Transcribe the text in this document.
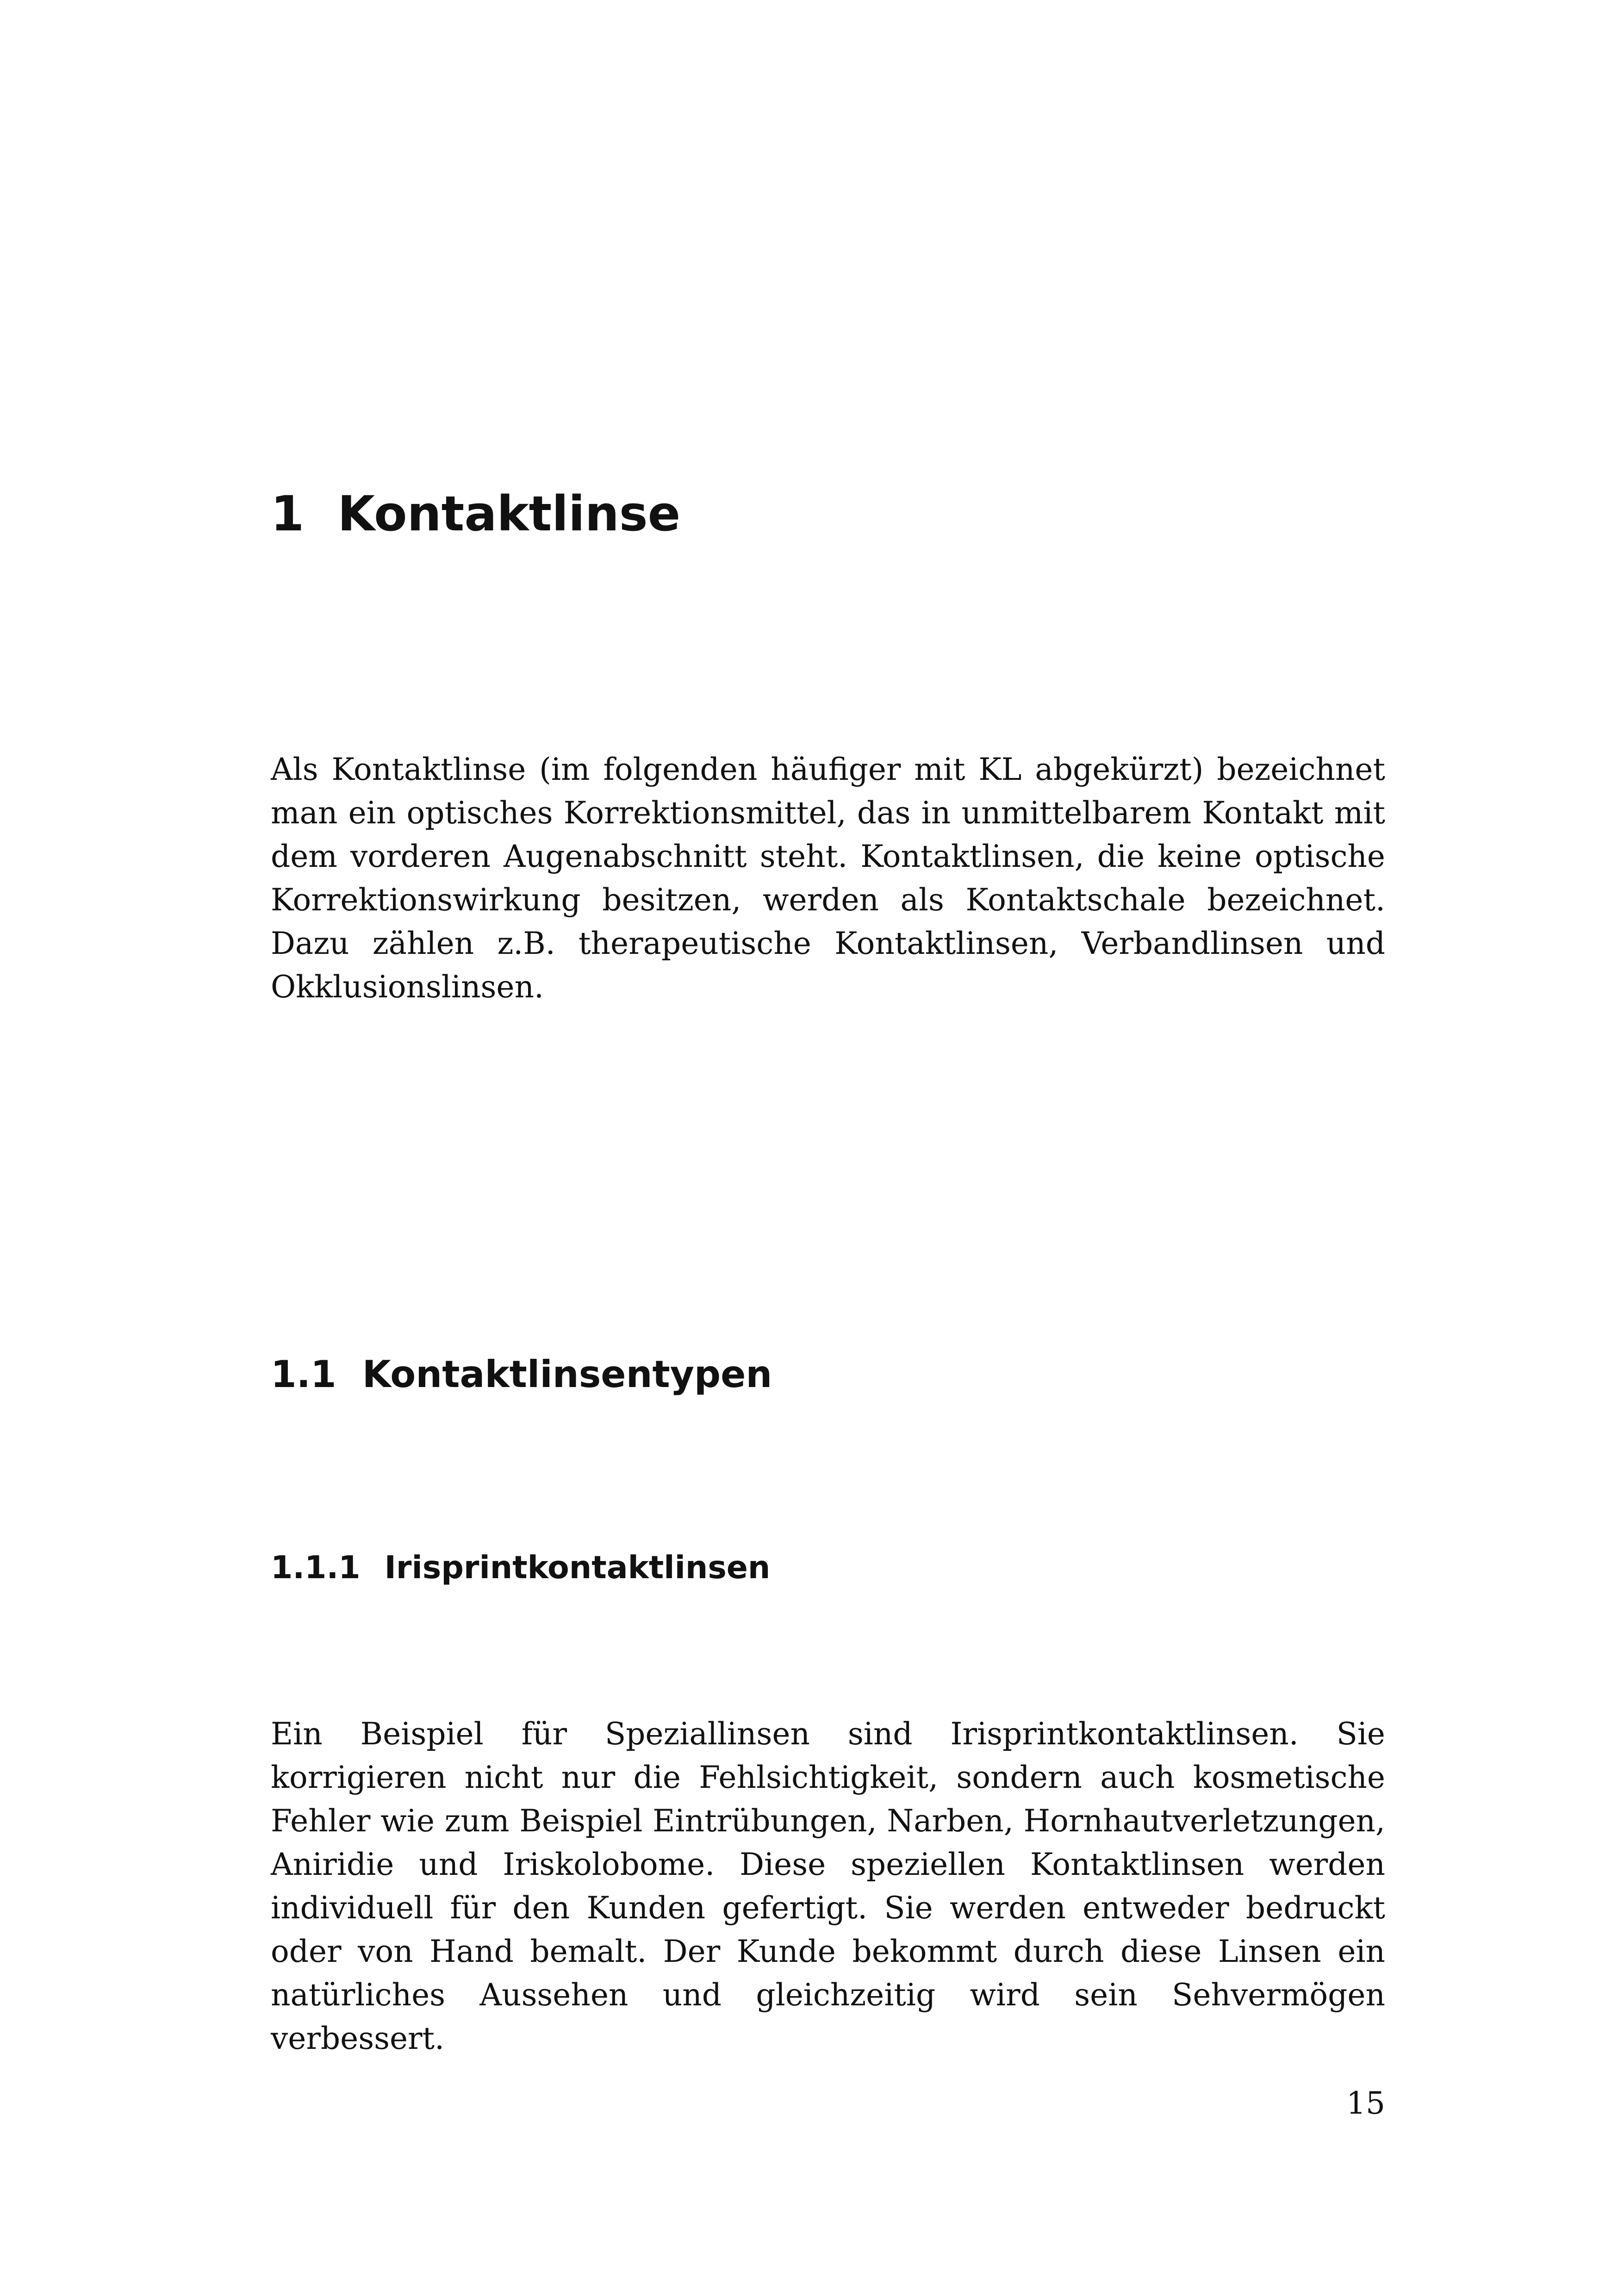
1 Kontaktlinse

Als Kontaktlinse (im folgenden häufiger mit KL abgekürzt) bezeichnet man ein optisches Korrektionsmittel, das in unmittelbarem Kontakt mit dem vorderen Augenabschnitt steht. Kontaktlinsen, die keine optische Korrektionswirkung besitzen, werden als Kontaktschale bezeichnet. Dazu zählen z.B. therapeutische Kontaktlinsen, Verbandlinsen und Okklusionslinsen.

1.1 Kontaktlinsentypen
1.1.1 Irisprintkontaktlinsen

Ein Beispiel für Speziallinsen sind Irisprintkontaktlinsen. Sie korrigieren nicht nur die Fehlsichtigkeit, sondern auch kosmetische Fehler wie zum Beispiel Eintrübungen, Narben, Hornhautverletzungen, Aniridie und Iriskolobome. Diese speziellen Kontaktlinsen werden individuell für den Kunden gefertigt. Sie werden entweder bedruckt oder von Hand bemalt. Der Kunde bekommt durch diese Linsen ein natürliches Aussehen und gleichzeitig wird sein Sehvermögen verbessert.

15
